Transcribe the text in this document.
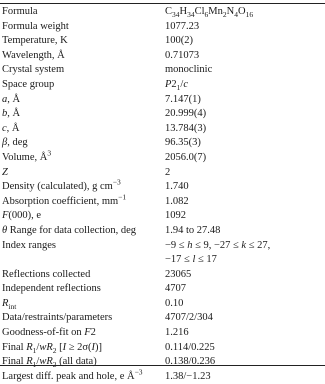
Formula	$C_{34}H_{34}Cl_6Mn_2N_4O_{16}$
Formula weight	1077.23
Temperature, K	100(2)
Wavelength, Å	0.71073
Crystal system	monoclinic
Space group	$P2_1/c$
a, Å	7.147(1)
b, Å	20.999(4)
c, Å	13.784(3)
β, deg	96.35(3)
Volume, $Å^3$	2056.0(7)
Z	2
Density (calculated), g $cm^{-3}$	1.740
Absorption coefficient, $mm^{-1}$	1.082
F(000), e	1092
θ Range for data collection, deg	1.94 to 27.48
Index ranges	−9 ≤ h ≤ 9, −27 ≤ k ≤ 27,
−17 ≤ l ≤ 17
Reflections collected	23065
Independent reflections	4707
$R_{int}$	0.10
Data/restraints/parameters	4707/2/304
Goodness-of-fit on F2	1.216
Final $R_1/wR_2$ [I ≥ 2σ(I)]	0.114/0.225
Final $R_1/wR_2$ (all data)	0.138/0.236
Largest diff. peak and hole, e $Å^{-3}$ 1.38/−1.23
